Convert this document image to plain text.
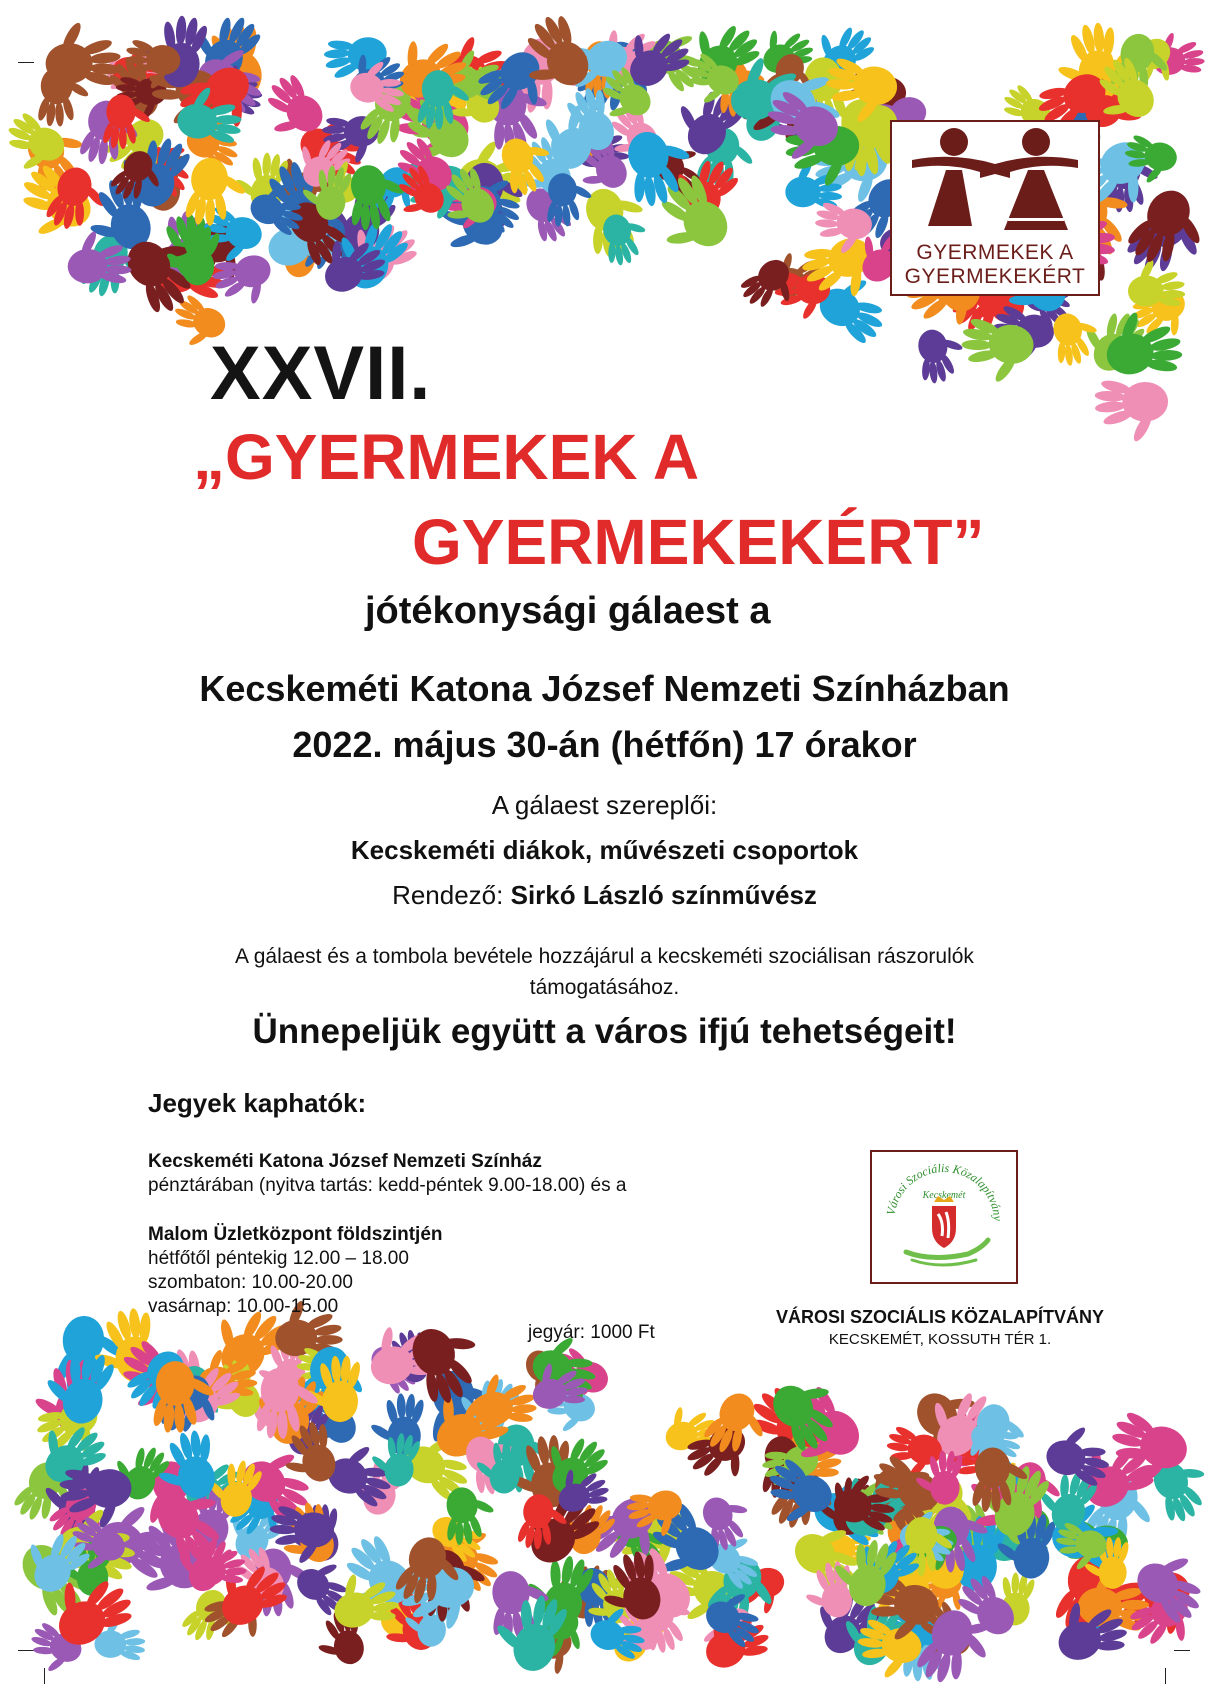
GYERMEKEK A
GYERMEKEKÉRT
XXVII.
„GYERMEKEK A
GYERMEKEKÉRT”
jótékonysági gálaest a
Kecskeméti Katona József Nemzeti Színházban
2022. május 30-án (hétfőn) 17 órakor
A gálaest szereplői:
Kecskeméti diákok, művészeti csoportok
Rendező: Sirkó László színművész
A gálaest és a tombola bevétele hozzájárul a kecskeméti szociálisan rászorulók támogatásához.
Ünnepeljük együtt a város ifjú tehetségeit!
Jegyek kaphatók:
Kecskeméti Katona József Nemzeti Színház
pénztárában (nyitva tartás: kedd-péntek 9.00-18.00) és a
Malom Üzletközpont földszintjén
hétfőtől péntekig 12.00 – 18.00
szombaton: 10.00-20.00
vasárnap: 10.00-15.00
jegyár: 1000 Ft
Városi Szociális Közalapítvány
Kecskemét
VÁROSI SZOCIÁLIS KÖZALAPÍTVÁNY
KECSKEMÉT, KOSSUTH TÉR 1.
